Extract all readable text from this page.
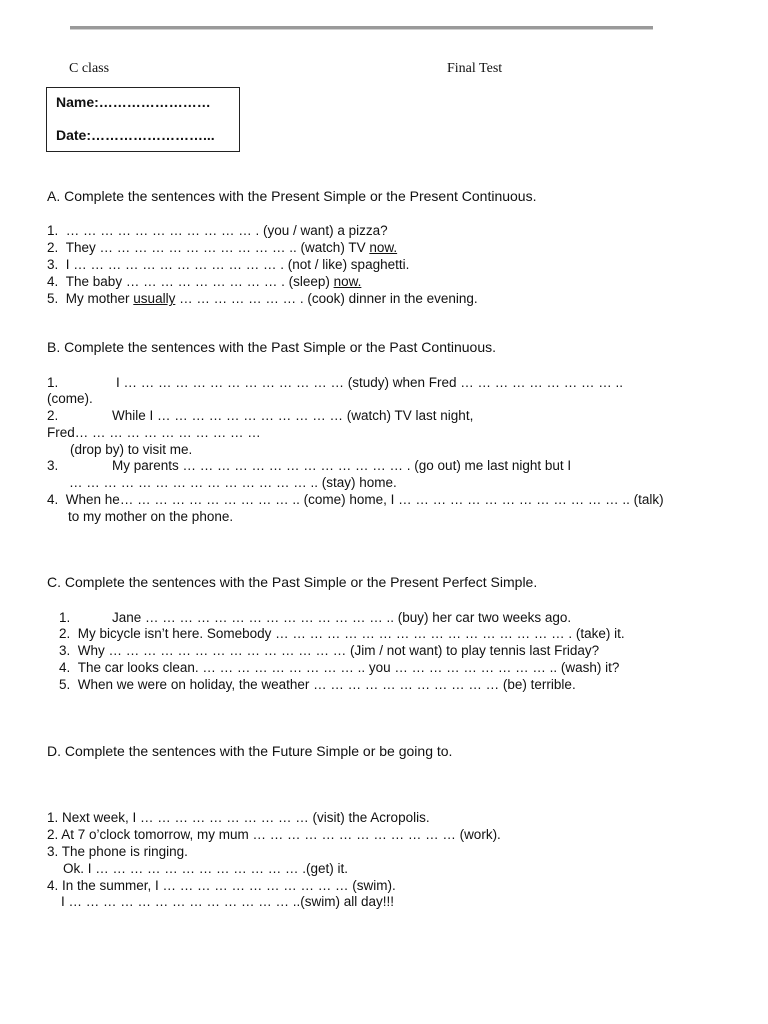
C class	Final Test
Name:……………………
Date:……………………...
A. Complete the sentences with the Present Simple or the Present Continuous.
1. … … … … … … … … … … … . (you / want) a pizza?
2. They … … … … … … … … … … … .. (watch) TV now.
3. I … … … … … … … … … … … … . (not / like) spaghetti.
4. The baby … … … … … … … … … . (sleep) now.
5. My mother usually … … … … … … … . (cook) dinner in the evening.
B. Complete the sentences with the Past Simple or the Past Continuous.
1.	I … … … … … … … … … … … … … (study) when Fred … … … … … … … … … ..
(come).
2.	While I … … … … … … … … … … … (watch) TV last night,
Fred… … … … … … … … … … …
(drop by) to visit me.
3.	My parents … … … … … … … … … … … … … . (go out) me last night but I
… … … … … … … … … … … … … … .. (stay) home.
4. When he… … … … … … … … … … .. (come) home, I … … … … … … … … … … … … … .. (talk)
to my mother on the phone.
C. Complete the sentences with the Past Simple or the Present Perfect Simple.
1.	Jane … … … … … … … … … … … … … … .. (buy) her car two weeks ago.
2. My bicycle isn’t here. Somebody … … … … … … … … … … … … … … … … … . (take) it.
3. Why … … … … … … … … … … … … … … (Jim / not want) to play tennis last Friday?
4. The car looks clean. … … … … … … … … … .. you … … … … … … … … … .. (wash) it?
5. When we were on holiday, the weather … … … … … … … … … … … (be) terrible.
D. Complete the sentences with the Future Simple or be going to.
1. Next week, I … … … … … … … … … … (visit) the Acropolis.
2. At 7 o’clock tomorrow, my mum … … … … … … … … … … … … (work).
3. The phone is ringing.
Ok. I … … … … … … … … … … … … .(get) it.
4. In the summer, I … … … … … … … … … … … (swim).
I … … … … … … … … … … … … … ..(swim) all day!!!
